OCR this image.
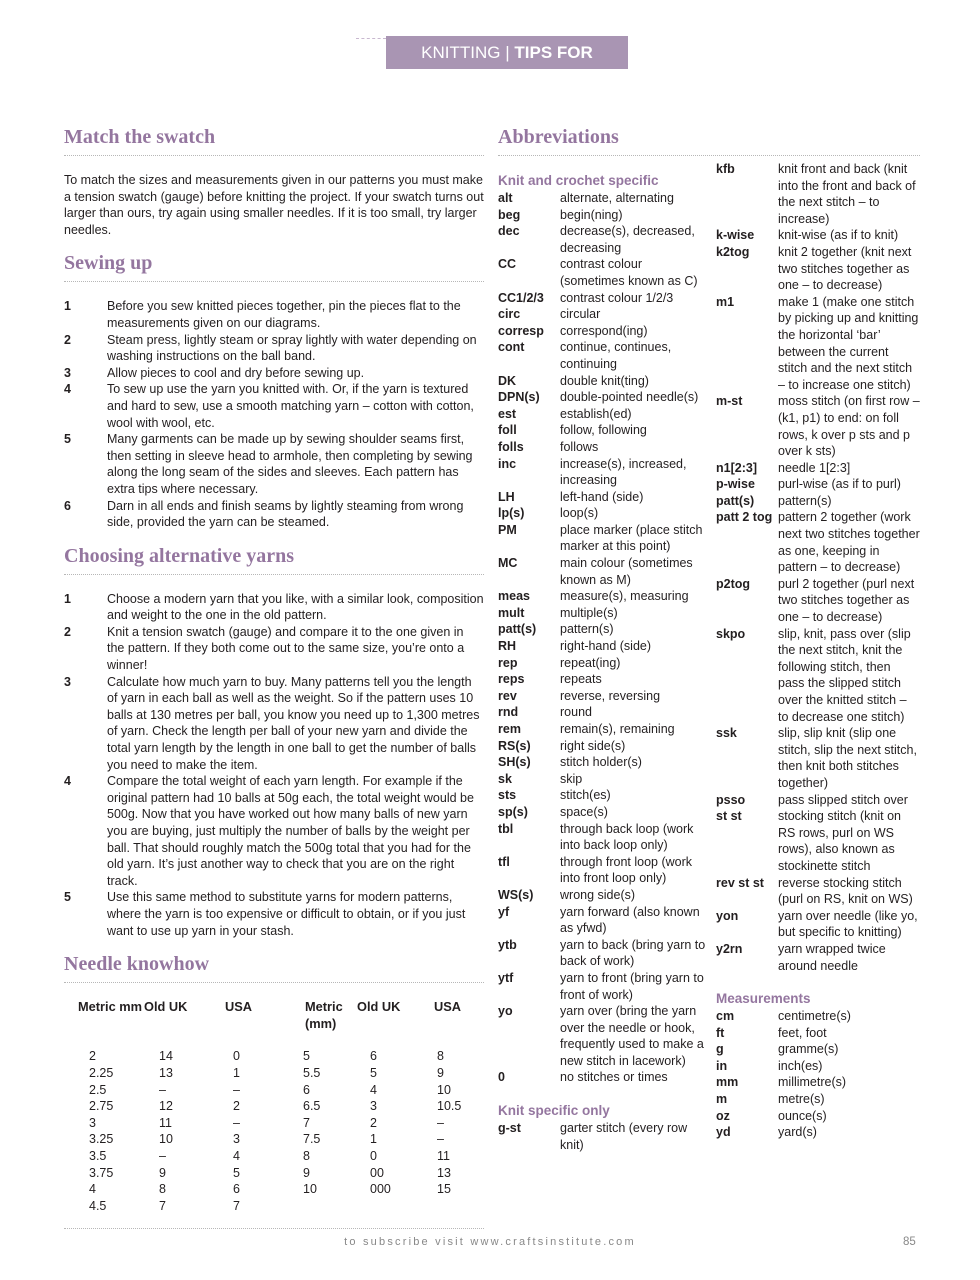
KNITTING | TIPS FOR SUCCESS
Match the swatch

To match the sizes and measurements given in our patterns you must make a tension swatch (gauge) before knitting the project. If your swatch turns out larger than ours, try again using smaller needles. If it is too small, try larger needles.

Sewing up
1	Before you sew knitted pieces together, pin the pieces flat to the measurements given on our diagrams.
2	Steam press, lightly steam or spray lightly with water depending on washing instructions on the ball band.
3	Allow pieces to cool and dry before sewing up.
4	To sew up use the yarn you knitted with. Or, if the yarn is textured and hard to sew, use a smooth matching yarn – cotton with cotton, wool with wool, etc.
5	Many garments can be made up by sewing shoulder seams first, then setting in sleeve head to armhole, then completing by sewing along the long seam of the sides and sleeves. Each pattern has extra tips where necessary.
6	Darn in all ends and finish seams by lightly steaming from wrong side, provided the yarn can be steamed.
Choosing alternative yarns
1	Choose a modern yarn that you like, with a similar look, composition and weight to the one in the old pattern.
2	Knit a tension swatch (gauge) and compare it to the one given in the pattern. If they both come out to the same size, you’re onto a winner!
3	Calculate how much yarn to buy. Many patterns tell you the length of yarn in each ball as well as the weight. So if the pattern uses 10 balls at 130 metres per ball, you know you need up to 1,300 metres of yarn. Check the length per ball of your new yarn and divide the total yarn length by the length in one ball to get the number of balls you need to make the item.
4	Compare the total weight of each yarn length. For example if the original pattern had 10 balls at 50g each, the total weight would be 500g. Now that you have worked out how many balls of new yarn you are buying, just multiply the number of balls by the weight per ball. That should roughly match the 500g total that you had for the old yarn. It’s just another way to check that you are on the right track.
5	Use this same method to substitute yarns for modern patterns, where the yarn is too expensive or difficult to obtain, or if you just want to use up yarn in your stash.
Needle knowhow
Metric mm	Old UK	USA	Metric (mm)	Old UK	USA
2	14	0	5	6	8
2.25	13	1	5.5	5	9
2.5	–	–	6	4	10
2.75	12	2	6.5	3	10.5
3	11	–	7	2	–
3.25	10	3	7.5	1	–
3.5	–	4	8	0	11
3.75	9	5	9	00	13
4	8	6	10	000	15
4.5	7	7			
Abbreviations

Knit and crochet specific

alt	alternate, alternating
beg	begin(ning)
dec	decrease(s), decreased, decreasing
CC	contrast colour (sometimes known as C)
CC1/2/3	contrast colour 1/2/3
circ	circular
corresp	correspond(ing)
cont	continue, continues, continuing
DK	double knit(ting)
DPN(s)	double-pointed needle(s)
est	establish(ed)
foll	follow, following
folls	follows
inc	increase(s), increased, increasing
LH	left-hand (side)
lp(s)	loop(s)
PM	place marker (place stitch marker at this point)
MC	main colour (sometimes known as M)
meas	measure(s), measuring
mult	multiple(s)
patt(s)	pattern(s)
RH	right-hand (side)
rep	repeat(ing)
reps	repeats
rev	reverse, reversing
rnd	round
rem	remain(s), remaining
RS(s)	right side(s)
SH(s)	stitch holder(s)
sk	skip
sts	stitch(es)
sp(s)	space(s)
tbl	through back loop (work into back loop only)
tfl	through front loop (work into front loop only)
WS(s)	wrong side(s)
yf	yarn forward (also known as yfwd)
ytb	yarn to back (bring yarn to back of work)
ytf	yarn to front (bring yarn to front of work)
yo	yarn over (bring the yarn over the needle or hook, frequently used to make a new stitch in lacework)
0	no stitches or times

Knit specific only

g-st	garter stitch (every row knit)
kfb	knit front and back (knit into the front and back of the next stitch – to increase)
k-wise	knit-wise (as if to knit)
k2tog	knit 2 together (knit next two stitches together as one – to decrease)
m1	make 1 (make one stitch by picking up and knitting the horizontal ‘bar’ between the current stitch and the next stitch – to increase one stitch)
m-st	moss stitch (on first row – (k1, p1) to end: on foll rows, k over p sts and p over k sts)
n1[2:3]	needle 1[2:3]
p-wise	purl-wise (as if to purl)
patt(s)	pattern(s)
patt 2 tog	pattern 2 together (work next two stitches together as one, keeping in pattern – to decrease)
p2tog	purl 2 together (purl next two stitches together as one – to decrease)
skpo	slip, knit, pass over (slip the next stitch, knit the following stitch, then pass the slipped stitch over the knitted stitch – to decrease one stitch)
ssk	slip, slip knit (slip one stitch, slip the next stitch, then knit both stitches together)
psso	pass slipped stitch over
st st	stocking stitch (knit on RS rows, purl on WS rows), also known as stockinette stitch
rev st st	reverse stocking stitch (purl on RS, knit on WS)
yon	yarn over needle (like yo, but specific to knitting)
y2rn	yarn wrapped twice around needle

Measurements

cm	centimetre(s)
ft	feet, foot
g	gramme(s)
in	inch(es)
mm	millimetre(s)
m	metre(s)
oz	ounce(s)
yd	yard(s)
to subscribe visit www.craftsinstitute.com	85
